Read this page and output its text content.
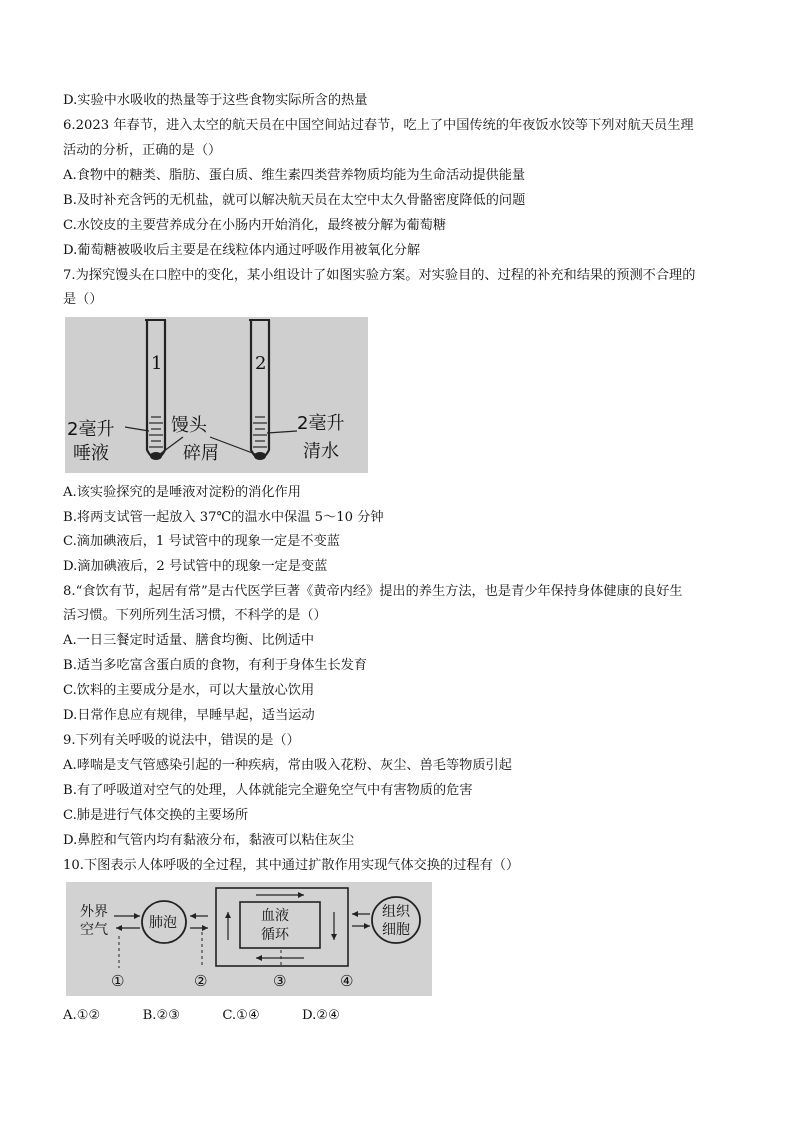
D.实验中水吸收的热量等于这些食物实际所含的热量
6.2023 年春节，进入太空的航天员在中国空间站过春节，吃上了中国传统的年夜饭水饺等下列对航天员生理
活动的分析，正确的是（）
A.食物中的糖类、脂肪、蛋白质、维生素四类营养物质均能为生命活动提供能量
B.及时补充含钙的无机盐，就可以解决航天员在太空中太久骨骼密度降低的问题
C.水饺皮的主要营养成分在小肠内开始消化，最终被分解为葡萄糖
D.葡萄糖被吸收后主要是在线粒体内通过呼吸作用被氧化分解
7.为探究馒头在口腔中的变化，某小组设计了如图实验方案。对实验目的、过程的补充和结果的预测不合理的
是（）
1	2
2毫升
唾液
馒头
碎屑
2毫升
清水
A.该实验探究的是唾液对淀粉的消化作用
B.将两支试管一起放入 37℃的温水中保温 5～10 分钟
C.滴加碘液后，1 号试管中的现象一定是不变蓝
D.滴加碘液后，2 号试管中的现象一定是变蓝
8.“食饮有节，起居有常”是古代医学巨著《黄帝内经》提出的养生方法，也是青少年保持身体健康的良好生
活习惯。下列所列生活习惯，不科学的是（）
A.一日三餐定时适量、膳食均衡、比例适中
B.适当多吃富含蛋白质的食物，有利于身体生长发育
C.饮料的主要成分是水，可以大量放心饮用
D.日常作息应有规律，早睡早起，适当运动
9.下列有关呼吸的说法中，错误的是（）
A.哮喘是支气管感染引起的一种疾病，常由吸入花粉、灰尘、兽毛等物质引起
B.有了呼吸道对空气的处理，人体就能完全避免空气中有害物质的危害
C.肺是进行气体交换的主要场所
D.鼻腔和气管内均有黏液分布，黏液可以粘住灰尘
10.下图表示人体呼吸的全过程，其中通过扩散作用实现气体交换的过程有（）
外界
空气	肺泡	血液
循环
组织
细胞
①	②	③	④
A.①②	B.②③	C.①④	D.②④
